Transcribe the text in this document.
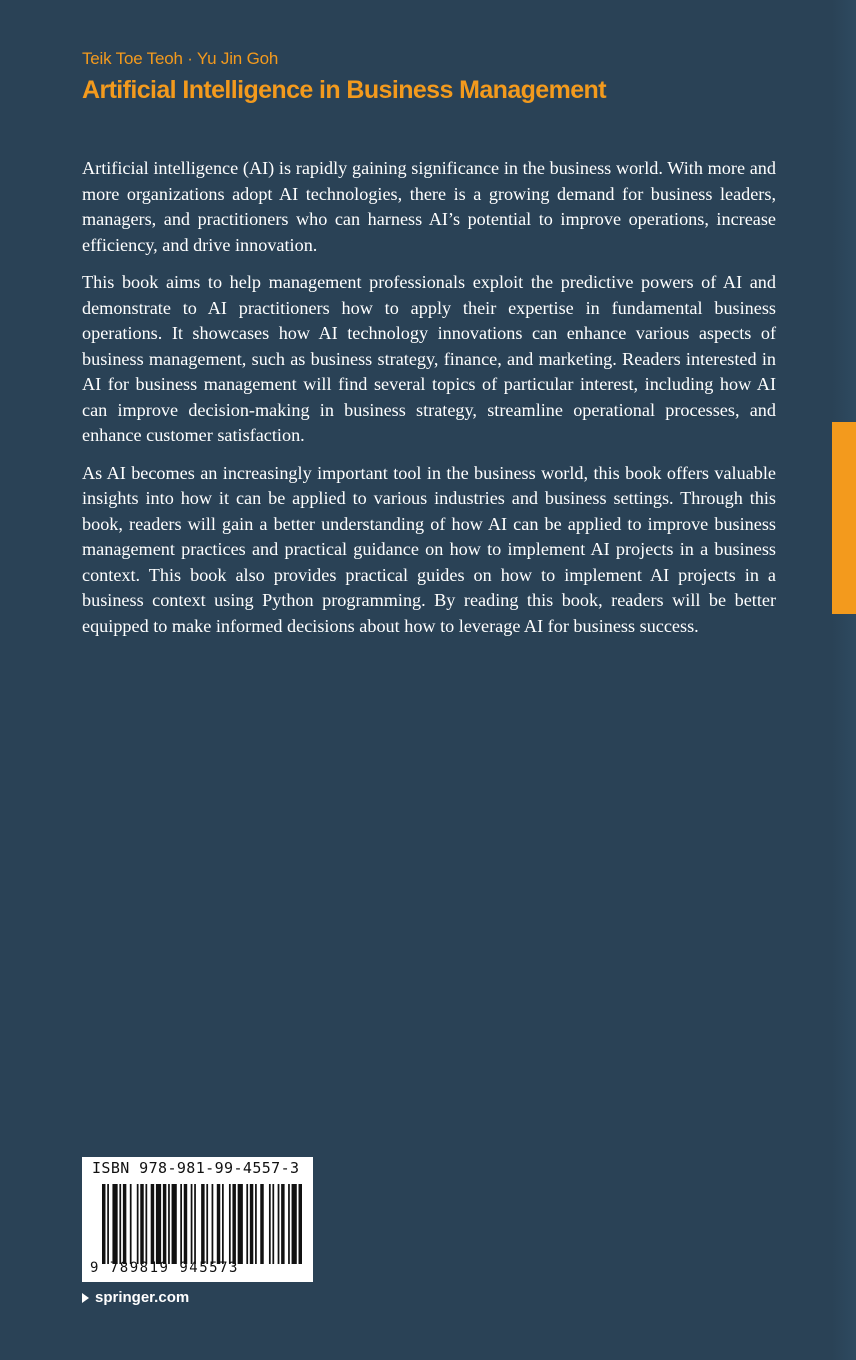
Teik Toe Teoh · Yu Jin Goh
Artificial Intelligence in Business Management

Artificial intelligence (AI) is rapidly gaining significance in the business world. With more and more organizations adopt AI technologies, there is a growing demand for business leaders, managers, and practitioners who can harness AI’s potential to improve operations, increase efficiency, and drive innovation.

This book aims to help management professionals exploit the predictive powers of AI and demonstrate to AI practitioners how to apply their expertise in fundamental business operations. It showcases how AI technology innovations can enhance various aspects of business management, such as business strategy, finance, and marketing. Readers interested in AI for business management will find several topics of particular interest, including how AI can improve decision-making in business strategy, streamline operational processes, and enhance customer satisfaction.

As AI becomes an increasingly important tool in the business world, this book offers valuable insights into how it can be applied to various industries and business settings. Through this book, readers will gain a better understanding of how AI can be applied to improve business management practices and practical guidance on how to implement AI projects in a business context. This book also provides practical guides on how to implement AI projects in a business context using Python programming. By reading this book, readers will be better equipped to make informed decisions about how to leverage AI for business success.

ISBN 978-981-99-4557-3
9 789819 945573
springer.com
